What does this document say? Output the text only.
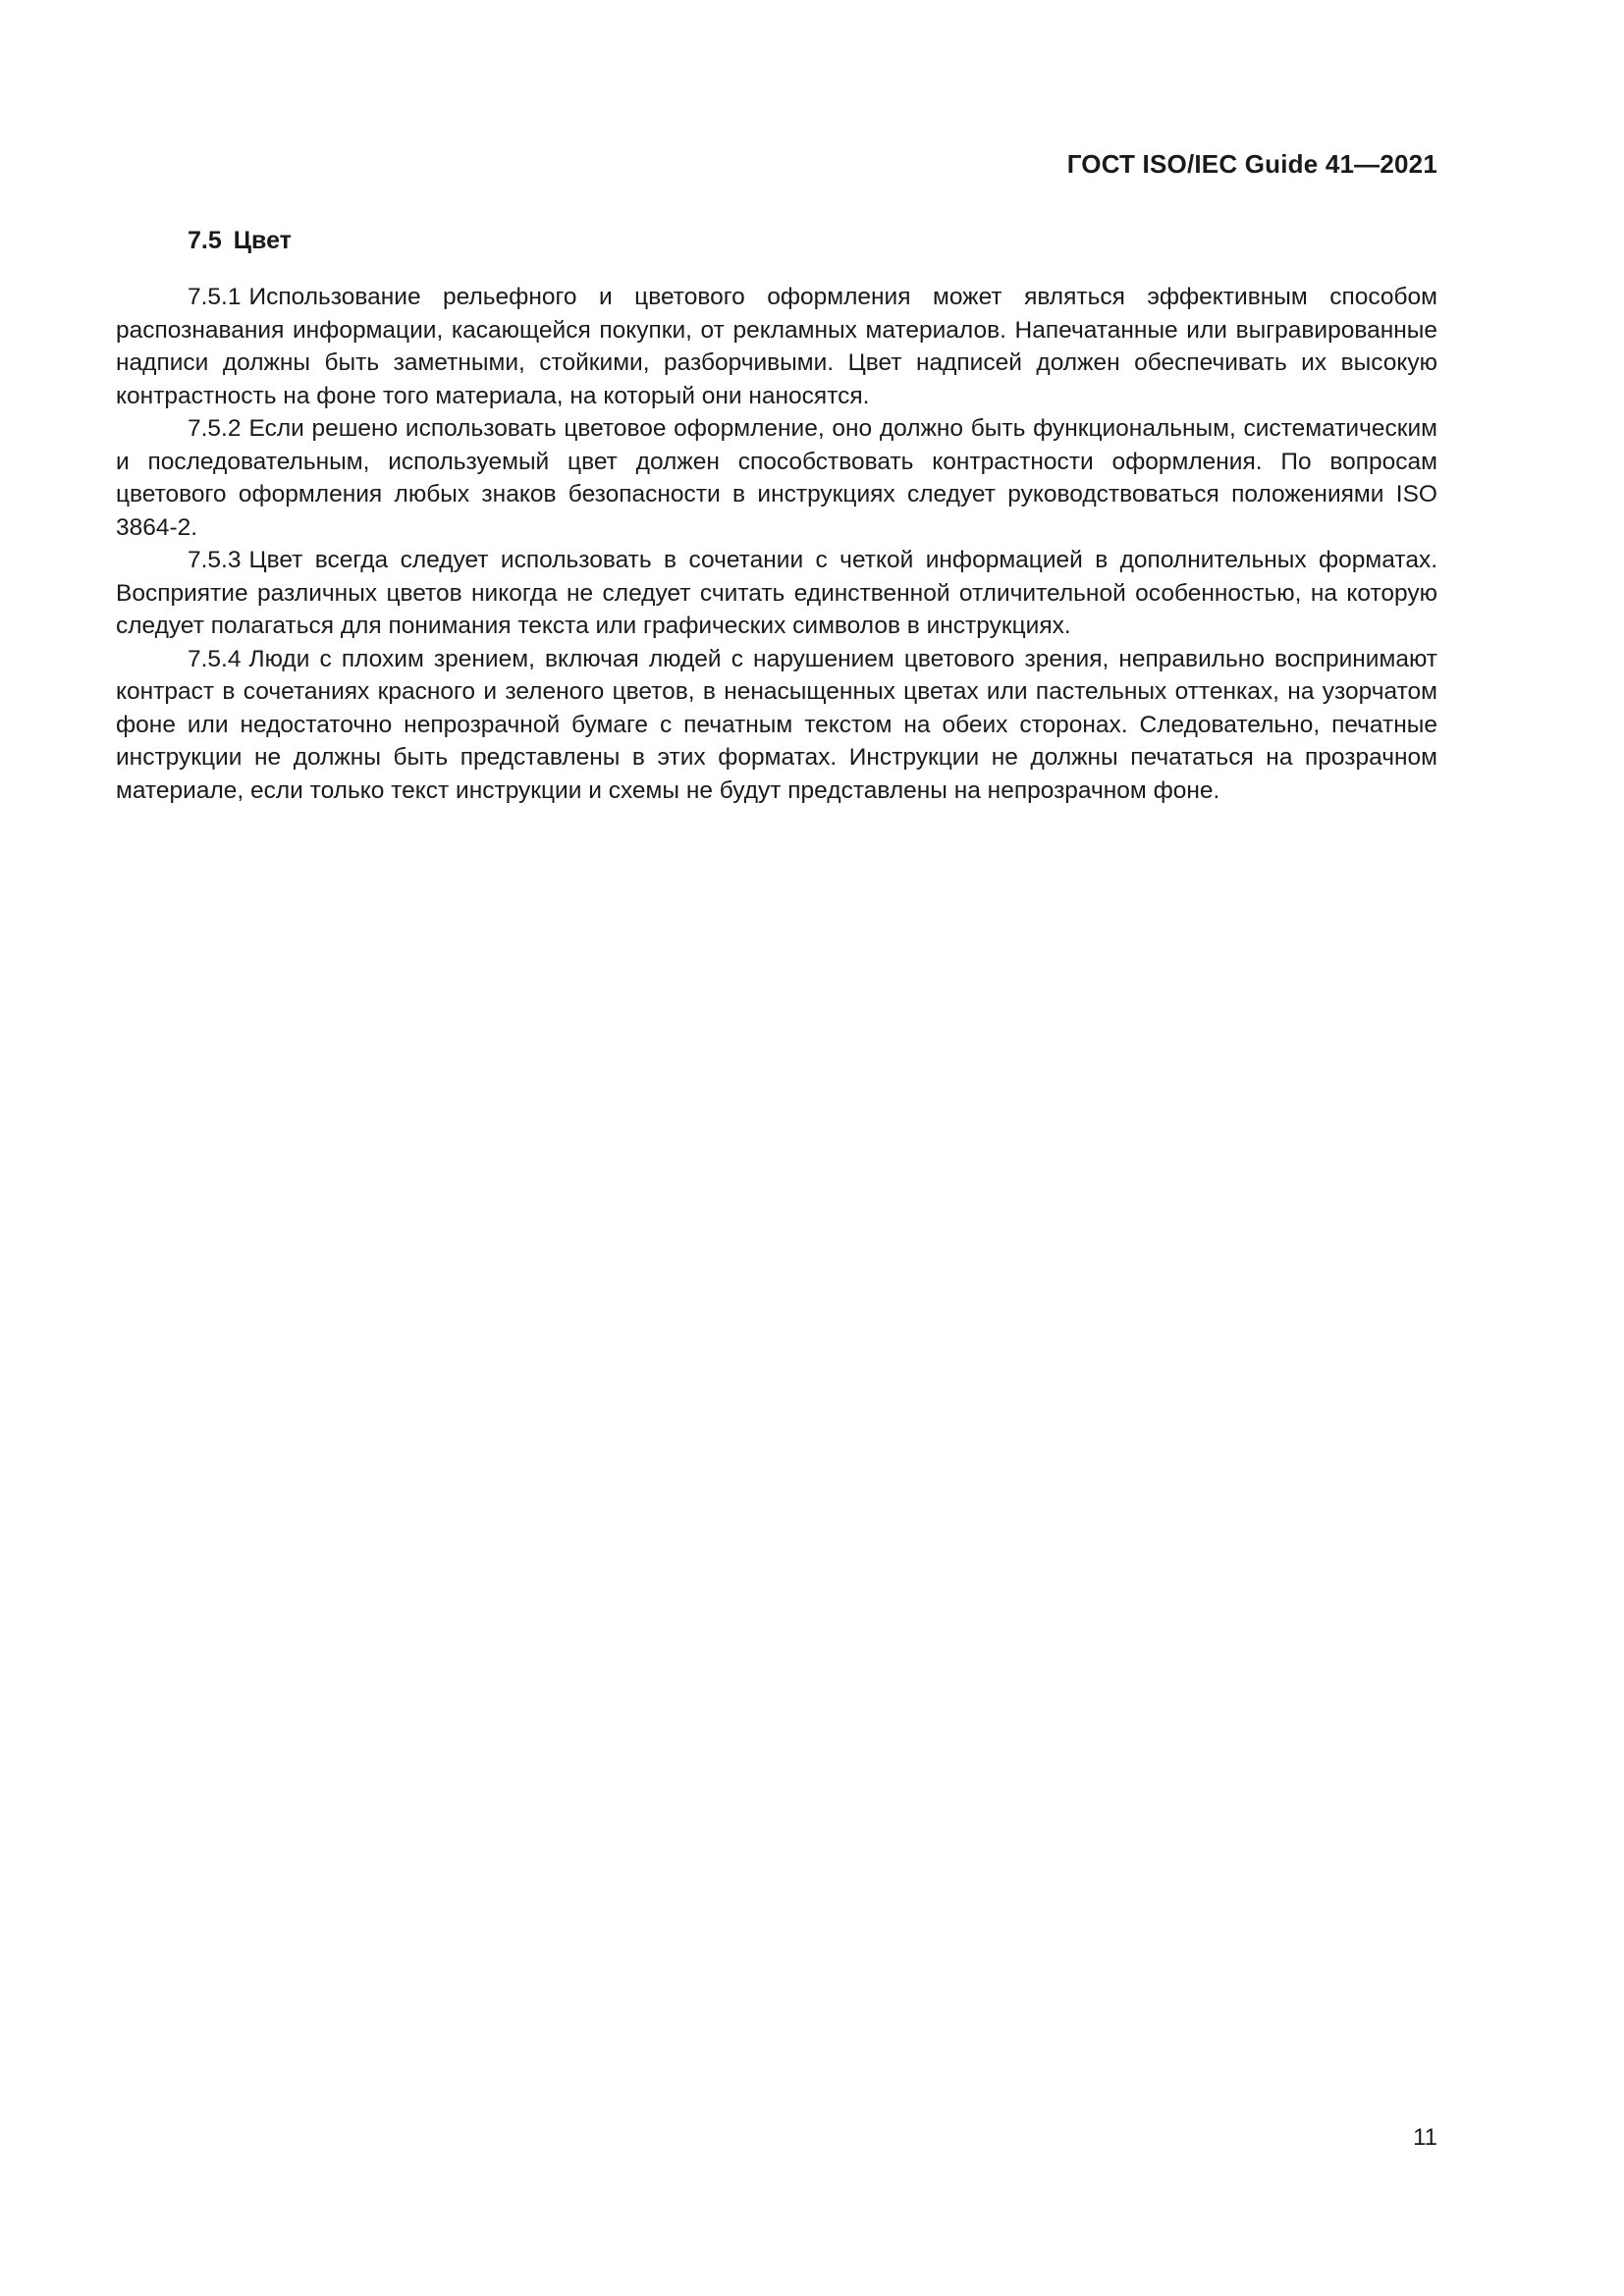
ГОСТ ISO/IEC Guide 41—2021
7.5 Цвет

7.5.1 Использование рельефного и цветового оформления может являться эффективным способом распознавания информации, касающейся покупки, от рекламных материалов. Напечатанные или выгравированные надписи должны быть заметными, стойкими, разборчивыми. Цвет надписей должен обеспечивать их высокую контрастность на фоне того материала, на который они наносятся.

7.5.2 Если решено использовать цветовое оформление, оно должно быть функциональным, систематическим и последовательным, используемый цвет должен способствовать контрастности оформления. По вопросам цветового оформления любых знаков безопасности в инструкциях следует руководствоваться положениями ISO 3864-2.

7.5.3 Цвет всегда следует использовать в сочетании с четкой информацией в дополнительных форматах. Восприятие различных цветов никогда не следует считать единственной отличительной особенностью, на которую следует полагаться для понимания текста или графических символов в инструкциях.

7.5.4 Люди с плохим зрением, включая людей с нарушением цветового зрения, неправильно воспринимают контраст в сочетаниях красного и зеленого цветов, в ненасыщенных цветах или пастельных оттенках, на узорчатом фоне или недостаточно непрозрачной бумаге с печатным текстом на обеих сторонах. Следовательно, печатные инструкции не должны быть представлены в этих форматах. Инструкции не должны печататься на прозрачном материале, если только текст инструкции и схемы не будут представлены на непрозрачном фоне.

11
